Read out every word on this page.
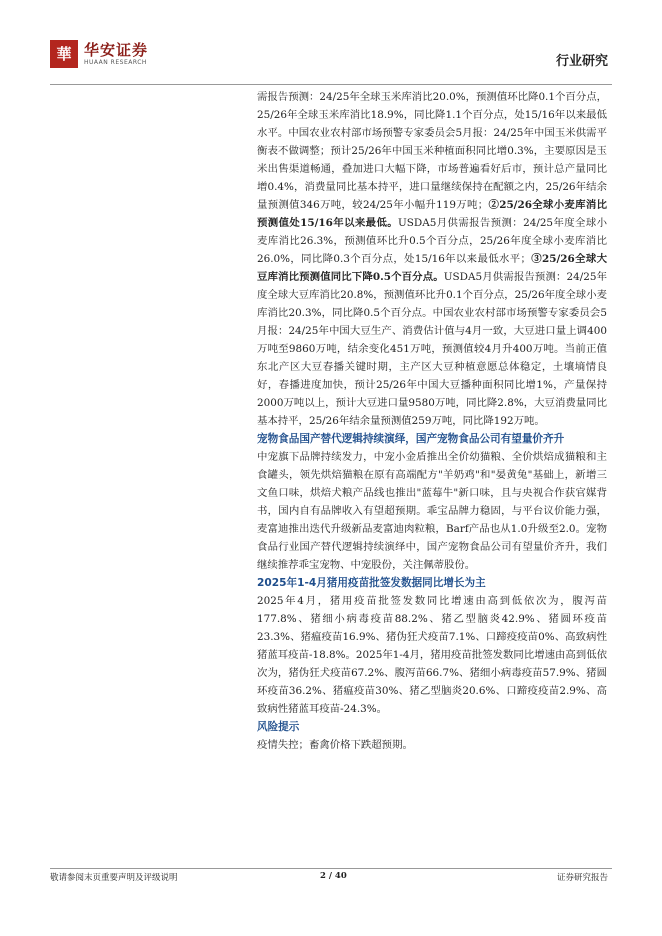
華 华安证券
HUAAN RESEARCH	行业研究

需报告预测：24/25年全球玉米库消比20.0%，预测值环比降0.1个百分点，25/26年全球玉米库消比18.9%，同比降1.1个百分点，处15/16年以来最低水平。中国农业农村部市场预警专家委员会5月报：24/25年中国玉米供需平衡表不做调整；预计25/26年中国玉米种植面积同比增0.3%，主要原因是玉米出售渠道畅通，叠加进口大幅下降，市场普遍看好后市，预计总产量同比增0.4%，消费量同比基本持平，进口量继续保持在配额之内，25/26年结余量预测值346万吨，较24/25年小幅升119万吨；②25/26全球小麦库消比预测值处15/16年以来最低。USDA5月供需报告预测：24/25年度全球小麦库消比26.3%，预测值环比升0.5个百分点，25/26年度全球小麦库消比26.0%，同比降0.3个百分点，处15/16年以来最低水平；③25/26全球大豆库消比预测值同比下降0.5个百分点。USDA5月供需报告预测：24/25年度全球大豆库消比20.8%，预测值环比升0.1个百分点，25/26年度全球小麦库消比20.3%，同比降0.5个百分点。中国农业农村部市场预警专家委员会5月报：24/25年中国大豆生产、消费估计值与4月一致，大豆进口量上调400万吨至9860万吨，结余变化451万吨，预测值较4月升400万吨。当前正值东北产区大豆春播关键时期，主产区大豆种植意愿总体稳定，土壤墒情良好，春播进度加快，预计25/26年中国大豆播种面积同比增1%，产量保持2000万吨以上，预计大豆进口量9580万吨，同比降2.8%，大豆消费量同比基本持平，25/26年结余量预测值259万吨，同比降192万吨。

宠物食品国产替代逻辑持续演绎，国产宠物食品公司有望量价齐升

中宠旗下品牌持续发力，中宠小金盾推出全价幼猫粮、全价烘焙成猫粮和主食罐头，领先烘焙猫粮在原有高端配方"羊奶鸡"和"晏黄兔"基础上，新增三文鱼口味，烘焙犬粮产品线也推出"蓝莓牛"新口味，且与央视合作获官媒背书，国内自有品牌收入有望超预期。乖宝品牌力稳固，与平台议价能力强，麦富迪推出迭代升级新品麦富迪肉粒粮，Barf产品也从1.0升级至2.0。宠物食品行业国产替代逻辑持续演绎中，国产宠物食品公司有望量价齐升，我们继续推荐乖宝宠物、中宠股份，关注佩蒂股份。

2025年1-4月猪用疫苗批签发数据同比增长为主

2025年4月，猪用疫苗批签发数同比增速由高到低依次为，腹泻苗177.8%、猪细小病毒疫苗88.2%、猪乙型脑炎42.9%、猪圆环疫苗23.3%、猪瘟疫苗16.9%、猪伪狂犬疫苗7.1%、口蹄疫疫苗0%、高致病性猪蓝耳疫苗-18.8%。2025年1-4月，猪用疫苗批签发数同比增速由高到低依次为，猪伪狂犬疫苗67.2%、腹泻苗66.7%、猪细小病毒疫苗57.9%、猪圆环疫苗36.2%、猪瘟疫苗30%、猪乙型脑炎20.6%、口蹄疫疫苗2.9%、高致病性猪蓝耳疫苗-24.3%。

风险提示

疫情失控；畜禽价格下跌超预期。

敬请参阅末页重要声明及评级说明	2 / 40	证券研究报告
